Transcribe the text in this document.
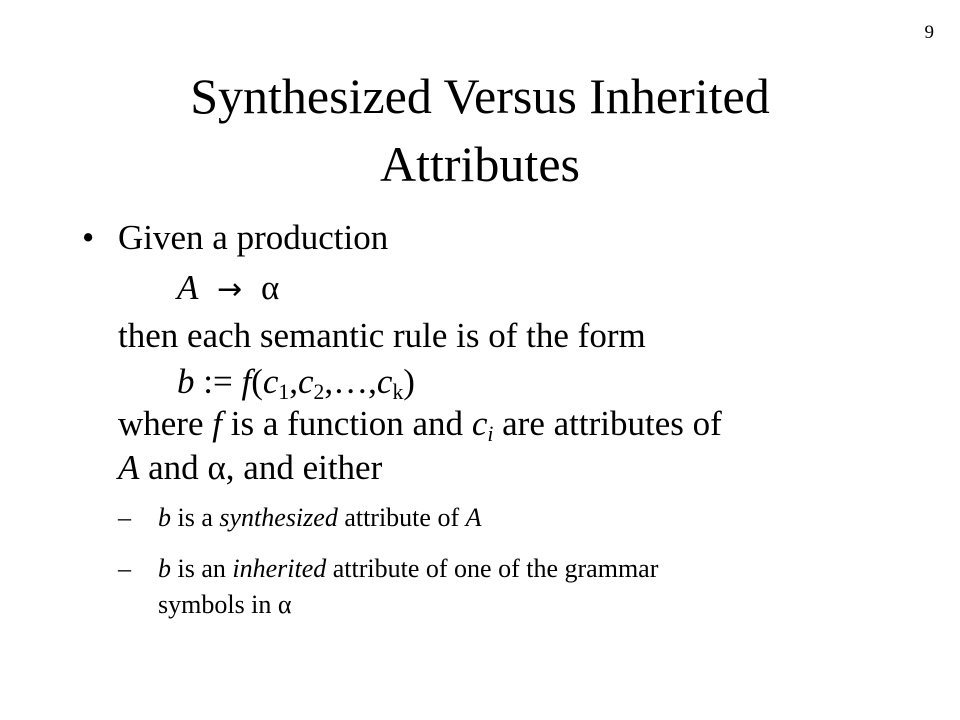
9
Synthesized Versus Inherited
Attributes
• Given a production
A → α
then each semantic rule is of the form
b := $f(c_1,c_2,\dots,c_k)$
where f is a function and $c_i$ are attributes of
A and α, and either
– b is a synthesized attribute of A
– b is an inherited attribute of one of the grammar
symbols in α
